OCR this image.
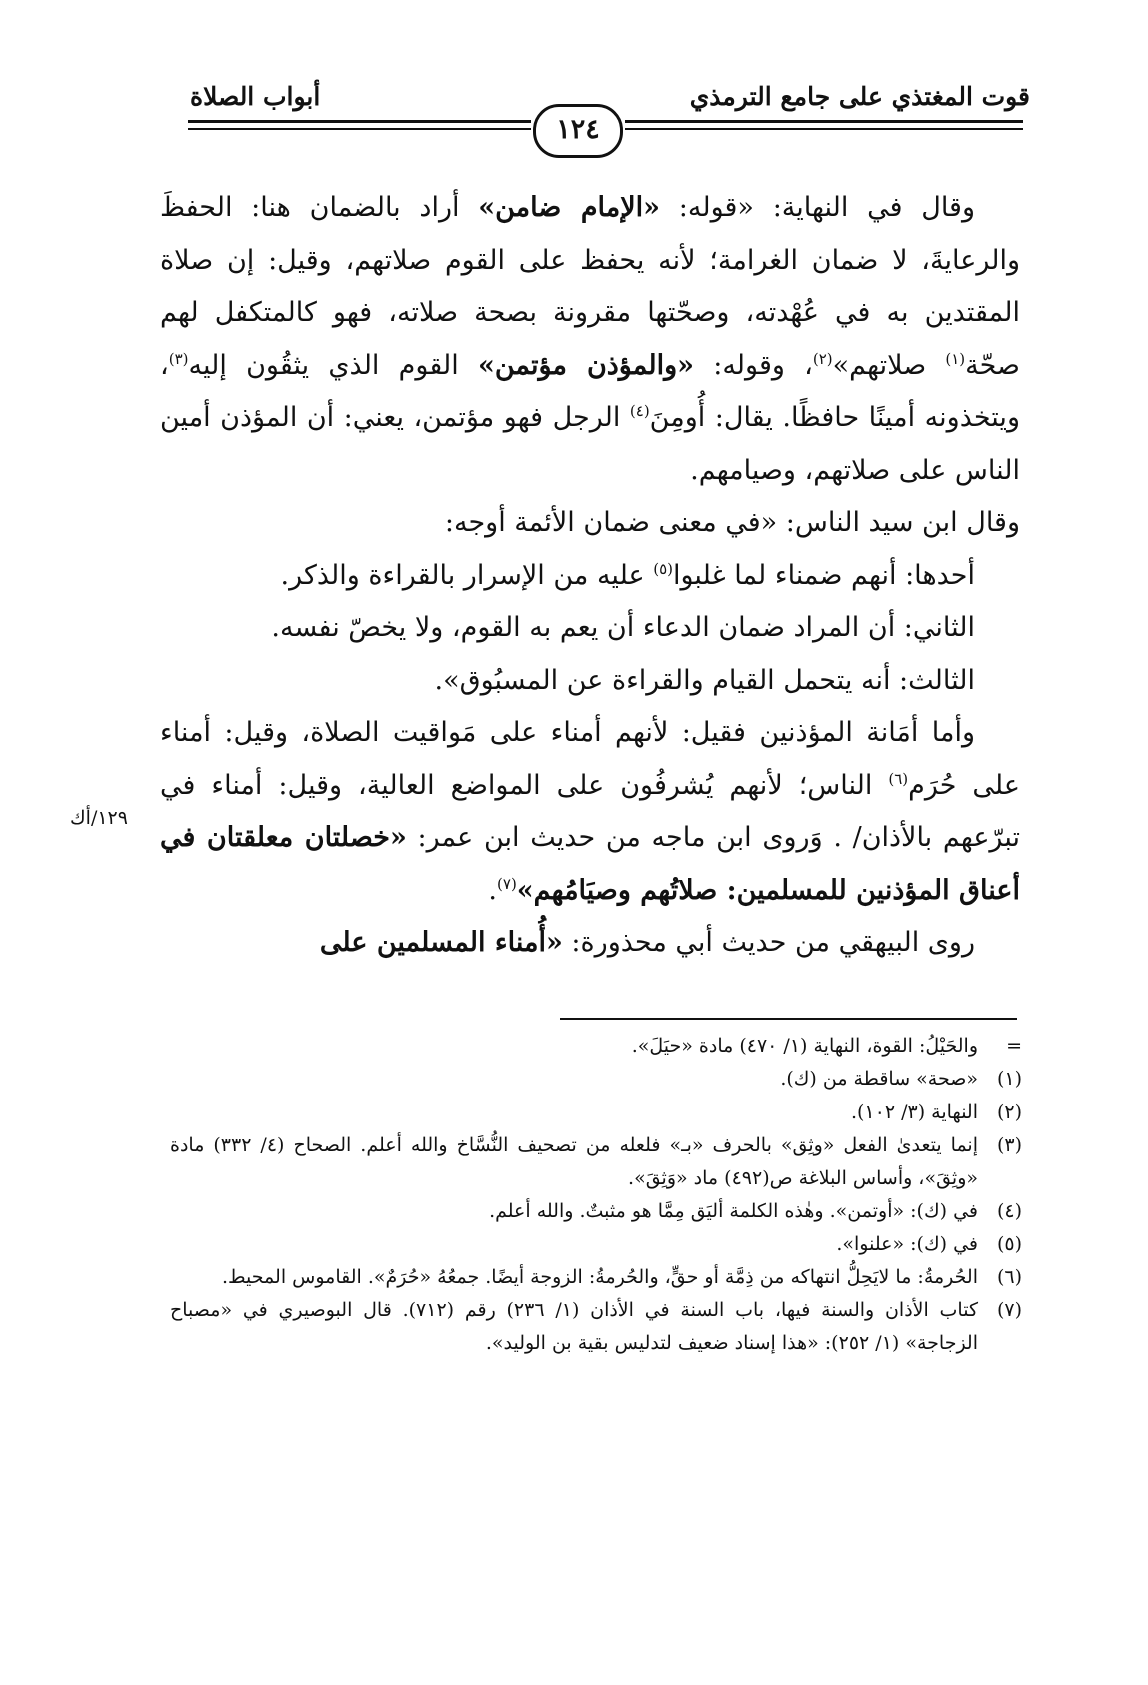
قوت المغتذي على جامع الترمذي
أبواب الصلاة
١٢٤

وقال في النهاية: «قوله: «الإمام ضامن» أراد بالضمان هنا: الحفظَ والرعايةَ، لا ضمان الغرامة؛ لأنه يحفظ على القوم صلاتهم، وقيل: إن صلاة المقتدين به في عُهْدته، وصحّتها مقرونة بصحة صلاته، فهو كالمتكفل لهم صحّة$^{(١)}$ صلاتهم»$^{(٢)}$، وقوله: «والمؤذن مؤتمن» القوم الذي يثقُون إليه$^{(٣)}$، ويتخذونه أمينًا حافظًا. يقال: أُومِنَ$^{(٤)}$ الرجل فهو مؤتمن، يعني: أن المؤذن أمين الناس على صلاتهم، وصيامهم.

وقال ابن سيد الناس: «في معنى ضمان الأئمة أوجه:

أحدها: أنهم ضمناء لما غلبوا$^{(٥)}$ عليه من الإسرار بالقراءة والذكر.

الثاني: أن المراد ضمان الدعاء أن يعم به القوم، ولا يخصّ نفسه.

الثالث: أنه يتحمل القيام والقراءة عن المسبُوق».

وأما أمَانة المؤذنين فقيل: لأنهم أمناء على مَواقيت الصلاة، وقيل: أمناء على حُرَم$^{(٦)}$ الناس؛ لأنهم يُشرفُون على المواضع العالية، وقيل: أمناء في تبرّعهم بالأذان/ . وَروى ابن ماجه من حديث ابن عمر: «خصلتان معلقتان في أعناق المؤذنين للمسلمين: صلاتُهم وصيَامُهم»$^{(٧)}$.

روى البيهقي من حديث أبي محذورة: «أُمناء المسلمين على

١٢٩/أك
=
والحَيْلُ: القوة، النهاية (١/ ٤٧٠) مادة «حيَلَ».
(١)
«صحة» ساقطة من (ك).
(٢)
النهاية (٣/ ١٠٢).
(٣)
إنما يتعدىٰ الفعل «وثِق» بالحرف «بـ» فلعله من تصحيف النُّسَّاخ والله أعلم. الصحاح (٤/ ٣٣٢) مادة «وثِقَ»، وأساس البلاغة ص(٤٩٢) ماد «وَثِقَ».
(٤)
في (ك): «أوتمن». وهٰذه الكلمة أليَق مِمَّا هو مثبتٌ. والله أعلم.
(٥)
في (ك): «علنوا».
(٦)
الحُرمةُ: ما لايَحِلُّ انتهاكه من ذِمَّة أو حقٍّ، والحُرمةُ: الزوجة أيضًا. جمعُهُ «حُرَمٌ». القاموس المحيط.
(٧)
كتاب الأذان والسنة فيها، باب السنة في الأذان (١/ ٢٣٦) رقم (٧١٢). قال البوصيري في «مصباح الزجاجة» (١/ ٢٥٢): «هذا إسناد ضعيف لتدليس بقية بن الوليد».
